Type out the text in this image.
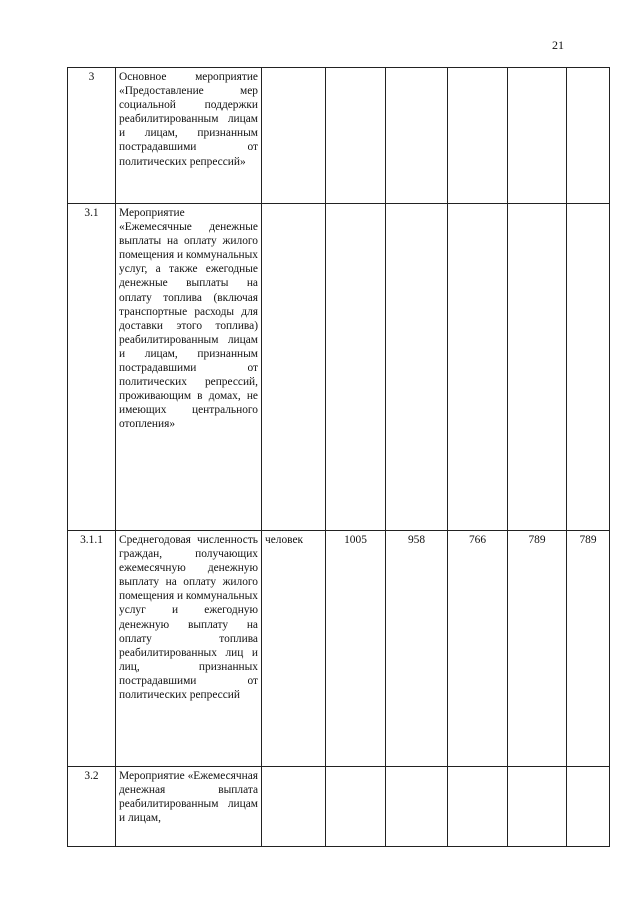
21
3	Основное мероприятие «Предоставление мер социальной поддержки реабилитированным лицам и лицам, признанным пострадавшими от политических репрессий»						
3.1	Мероприятие «Ежемесячные денежные выплаты на оплату жилого помещения и коммунальных услуг, а также ежегодные денежные выплаты на оплату топлива (включая транспортные расходы для доставки этого топлива) реабилитированным лицам и лицам, признанным пострадавшими от политических репрессий, проживающим в домах, не имеющих центрального отопления»						
3.1.1	Среднегодовая численность граждан, получающих ежемесячную денежную выплату на оплату жилого помещения и коммунальных услуг и ежегодную денежную выплату на оплату топлива реабилитированных лиц и лиц, признанных пострадавшими от политических репрессий	человек	1005	958	766	789	789
3.2	Мероприятие «Ежемесячная денежная выплата реабилитированным лицам и лицам,						
